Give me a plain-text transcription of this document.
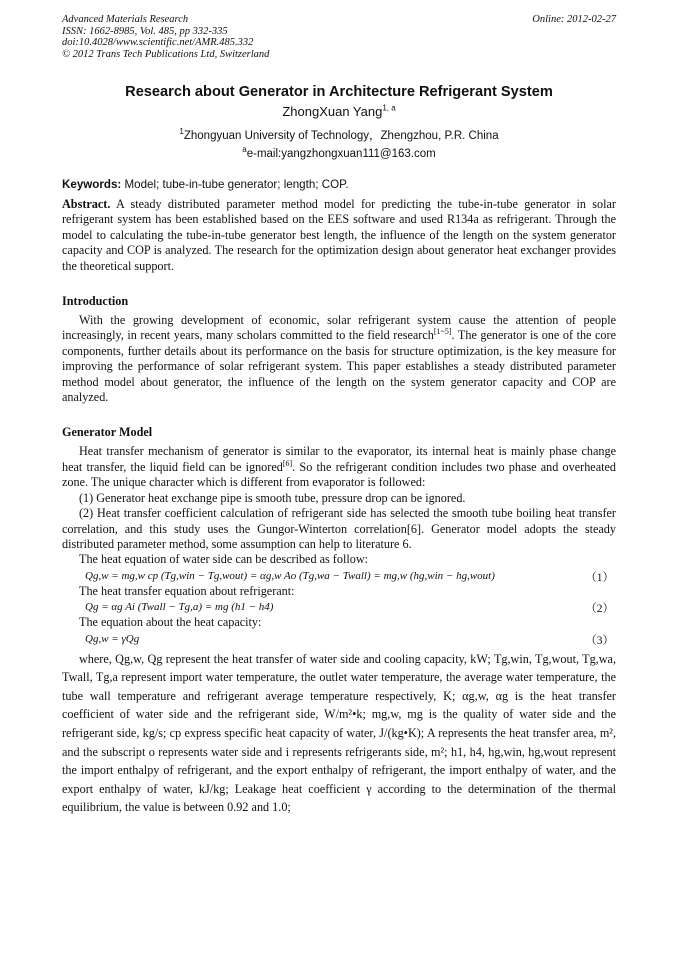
Advanced Materials Research
ISSN: 1662-8985, Vol. 485, pp 332-335
doi:10.4028/www.scientific.net/AMR.485.332
© 2012 Trans Tech Publications Ltd, Switzerland
Online: 2012-02-27
Research about Generator in Architecture Refrigerant System
ZhongXuan Yang$^{1, a}$
$^1$Zhongyuan University of Technology，Zhengzhou, P.R. China
$^a$e-mail:yangzhongxuan111@163.com
Keywords: Model; tube-in-tube generator; length; COP.

Abstract. A steady distributed parameter method model for predicting the tube-in-tube generator in solar refrigerant system has been established based on the EES software and used R134a as refrigerant. Through the model to calculating the tube-in-tube generator best length, the influence of the length on the system generator capacity and COP is analyzed. The research for the optimization design about generator heat exchanger provides the theoretical support.

Introduction

With the growing development of economic, solar refrigerant system cause the attention of people increasingly, in recent years, many scholars committed to the field research[1~5]. The generator is one of the core components, further details about its performance on the basis for structure optimization, is the key measure for improving the performance of solar refrigerant system. This paper establishes a steady distributed parameter method model about generator, the influence of the length on the system generator capacity and COP are analyzed.

Generator Model

Heat transfer mechanism of generator is similar to the evaporator, its internal heat is mainly phase change heat transfer, the liquid field can be ignored[6]. So the refrigerant condition includes two phase and overheated zone. The unique character which is different from evaporator is followed:

(1) Generator heat exchange pipe is smooth tube, pressure drop can be ignored.

(2) Heat transfer coefficient calculation of refrigerant side has selected the smooth tube boiling heat transfer correlation, and this study uses the Gungor-Winterton correlation[6]. Generator model adopts the steady distributed parameter method, some assumption can help to literature 6.

The heat equation of water side can be described as follow:

Qg,w = mg,w cp (Tg,win − Tg,wout) = αg,w Ao (Tg,wa − Twall) = mg,w (hg,win − hg,wout)	（1）

The heat transfer equation about refrigerant:

Qg = αg Ai (Twall − Tg,a) = mg (h1 − h4)	（2）

The equation about the heat capacity:

Qg,w = γQg	（3）

where, Qg,w, Qg represent the heat transfer of water side and cooling capacity, kW; Tg,win, Tg,wout, Tg,wa, Twall, Tg,a represent import water temperature, the outlet water temperature, the average water temperature, the tube wall temperature and refrigerant average temperature respectively, K; αg,w, αg is the heat transfer coefficient of water side and the refrigerant side, W/m²•k; mg,w, mg is the quality of water side and the refrigerant side, kg/s; cp express specific heat capacity of water, J/(kg•K); A represents the heat transfer area, m², and the subscript o represents water side and i represents refrigerants side, m²; h1, h4, hg,win, hg,wout represent the import enthalpy of refrigerant, and the export enthalpy of refrigerant, the import enthalpy of water, and the export enthalpy of water, kJ/kg; Leakage heat coefficient γ according to the determination of the thermal equilibrium, the value is between 0.92 and 1.0;
